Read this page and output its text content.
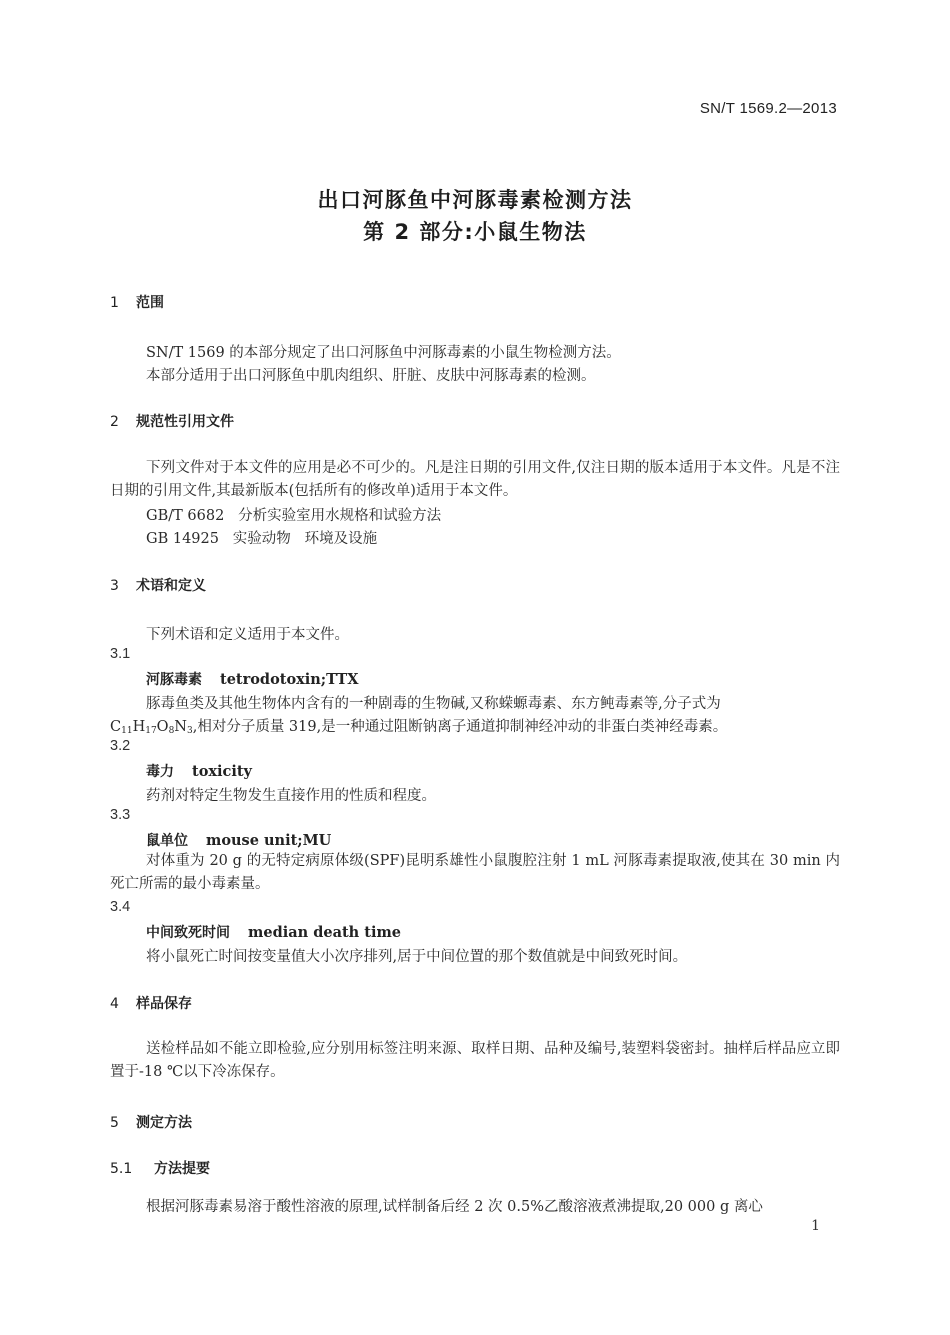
SN/T 1569.2—2013
出口河豚鱼中河豚毒素检测方法
第 2 部分:小鼠生物法
1 范围
SN/T 1569 的本部分规定了出口河豚鱼中河豚毒素的小鼠生物检测方法。
本部分适用于出口河豚鱼中肌肉组织、肝脏、皮肤中河豚毒素的检测。
2 规范性引用文件

下列文件对于本文件的应用是必不可少的。凡是注日期的引用文件,仅注日期的版本适用于本文件。凡是不注日期的引用文件,其最新版本(包括所有的修改单)适用于本文件。

GB/T 6682   分析实验室用水规格和试验方法
GB 14925   实验动物   环境及设施
3 术语和定义
下列术语和定义适用于本文件。
3.1
河豚毒素 tetrodotoxin;TTX
豚毒鱼类及其他生物体内含有的一种剧毒的生物碱,又称蝾螈毒素、东方鲀毒素等,分子式为
$C_{11}H_{17}O_8N_3$,相对分子质量 319,是一种通过阻断钠离子通道抑制神经冲动的非蛋白类神经毒素。
3.2
毒力 toxicity
药剂对特定生物发生直接作用的性质和程度。
3.3
鼠单位 mouse unit;MU

对体重为 20 g 的无特定病原体级(SPF)昆明系雄性小鼠腹腔注射 1 mL 河豚毒素提取液,使其在 30 min 内死亡所需的最小毒素量。

3.4
中间致死时间 median death time
将小鼠死亡时间按变量值大小次序排列,居于中间位置的那个数值就是中间致死时间。
4 样品保存

送检样品如不能立即检验,应分别用标签注明来源、取样日期、品种及编号,装塑料袋密封。抽样后样品应立即置于-18 ℃以下冷冻保存。

5 测定方法
5.1 方法提要
根据河豚毒素易溶于酸性溶液的原理,试样制备后经 2 次 0.5%乙酸溶液煮沸提取,20 000 g 离心
1
